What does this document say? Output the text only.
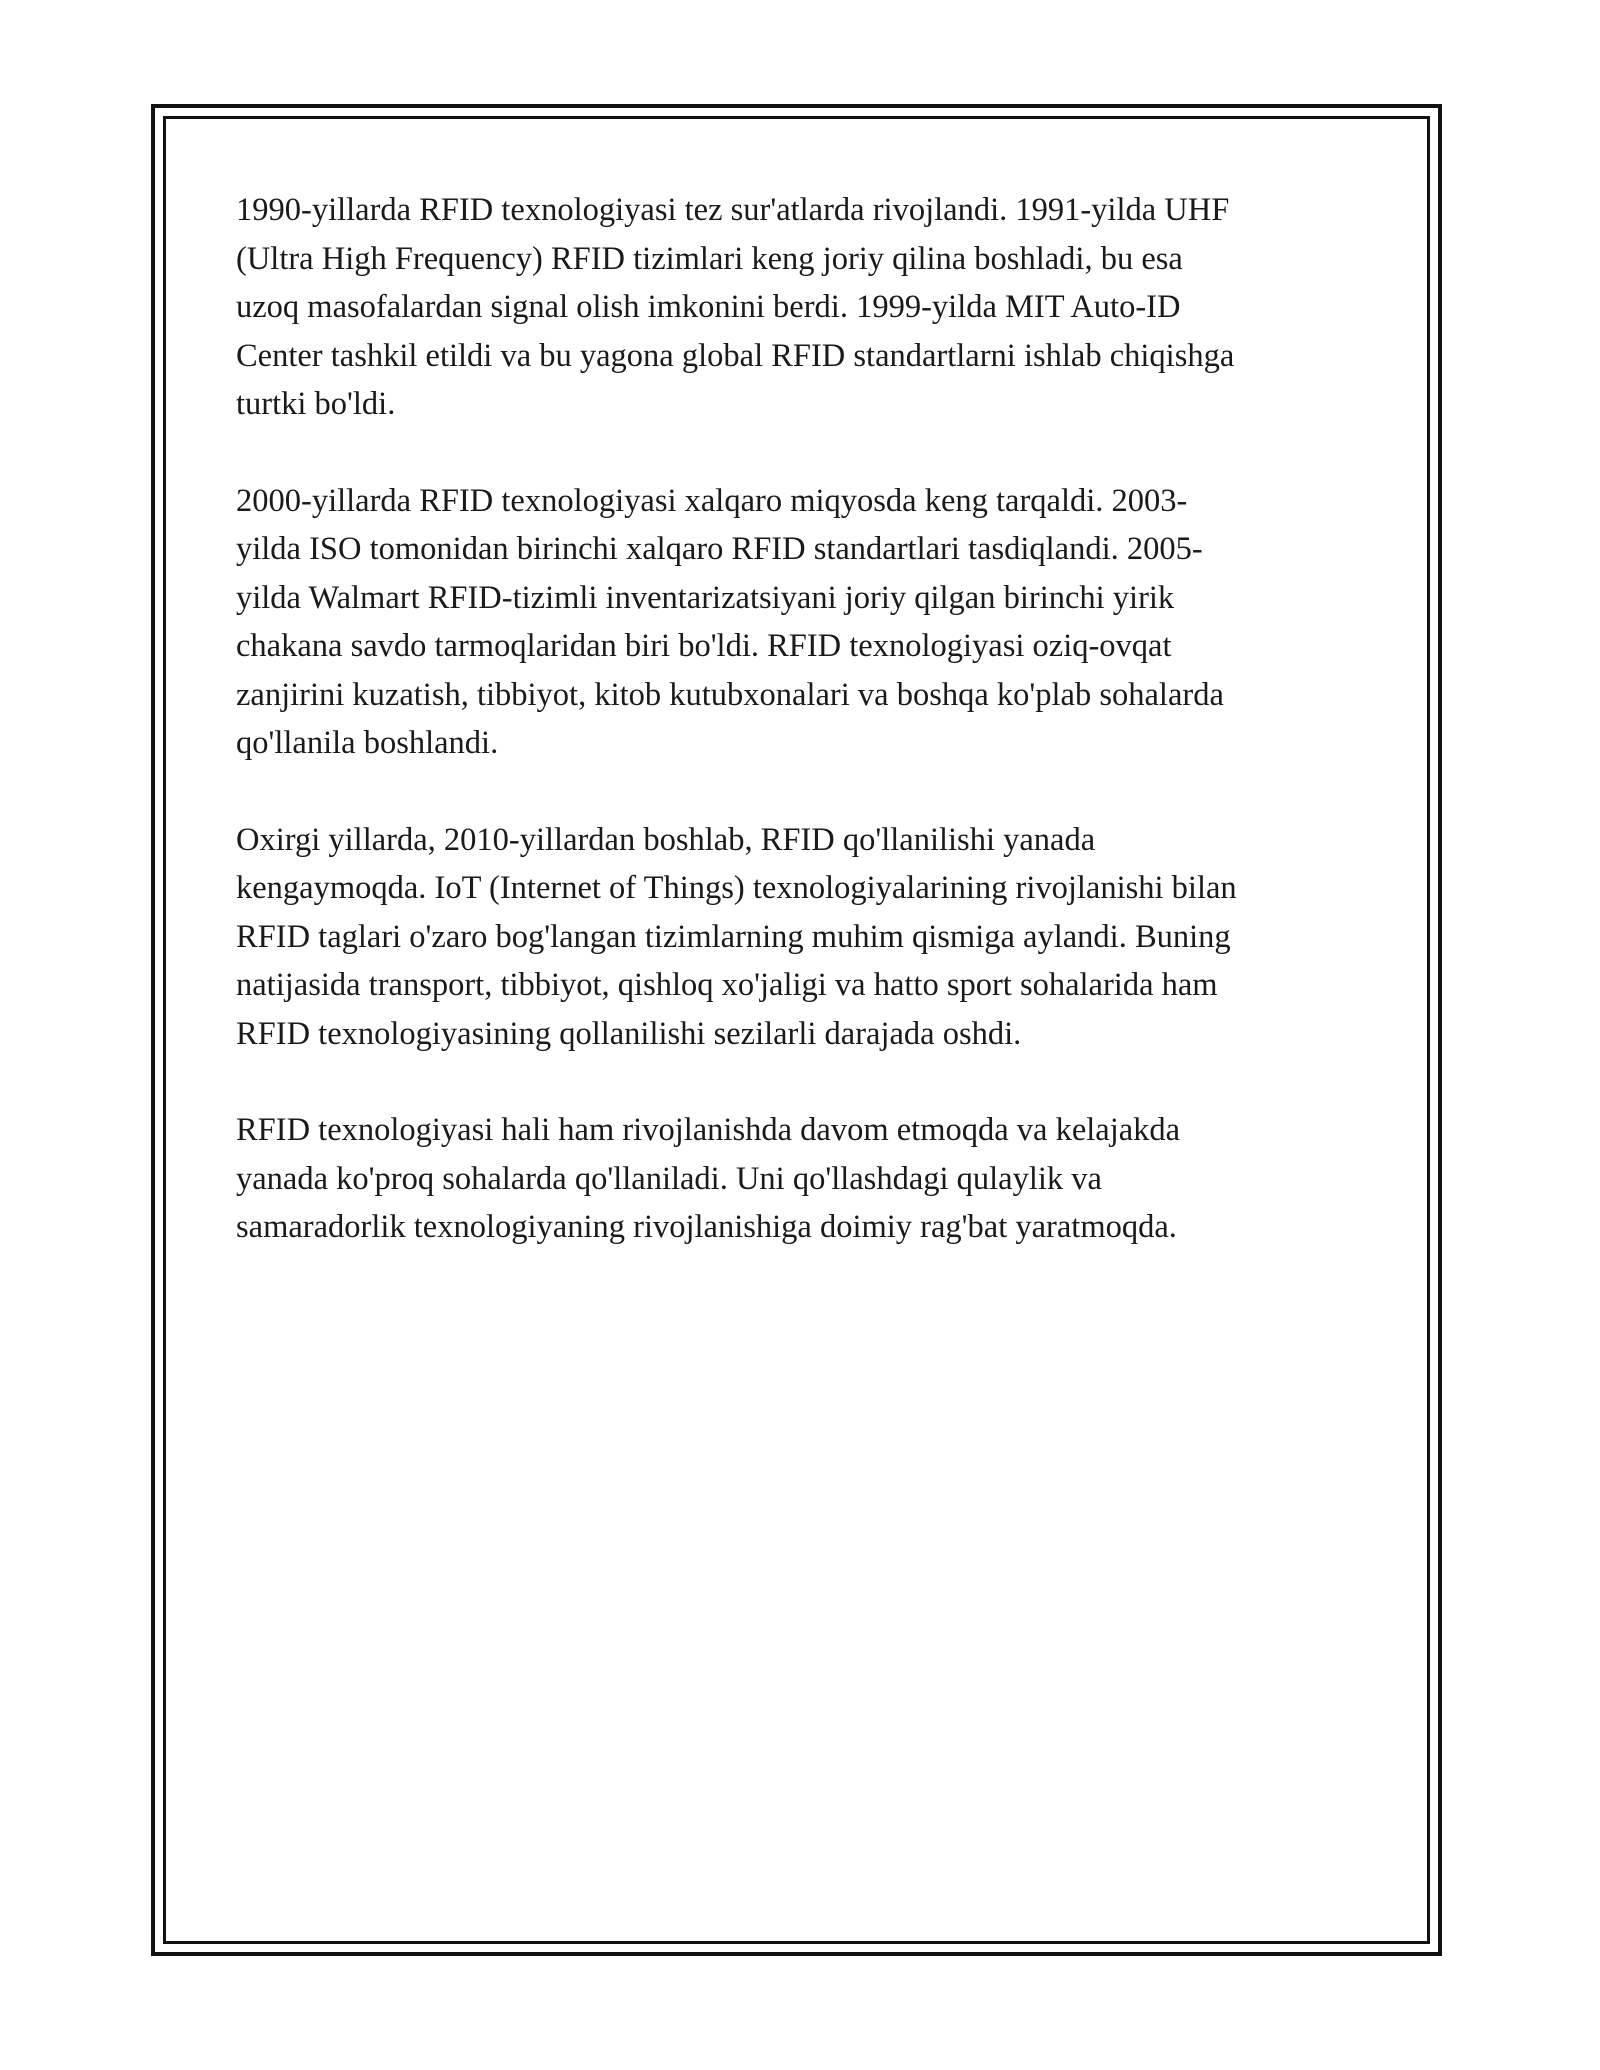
1990-yillarda RFID texnologiyasi tez sur'atlarda rivojlandi. 1991-yilda UHF
(Ultra High Frequency) RFID tizimlari keng joriy qilina boshladi, bu esa
uzoq masofalardan signal olish imkonini berdi. 1999-yilda MIT Auto-ID
Center tashkil etildi va bu yagona global RFID standartlarni ishlab chiqishga
turtki bo'ldi.

2000-yillarda RFID texnologiyasi xalqaro miqyosda keng tarqaldi. 2003-
yilda ISO tomonidan birinchi xalqaro RFID standartlari tasdiqlandi. 2005-
yilda Walmart RFID-tizimli inventarizatsiyani joriy qilgan birinchi yirik
chakana savdo tarmoqlaridan biri bo'ldi. RFID texnologiyasi oziq-ovqat
zanjirini kuzatish, tibbiyot, kitob kutubxonalari va boshqa ko'plab sohalarda
qo'llanila boshlandi.

Oxirgi yillarda, 2010-yillardan boshlab, RFID qo'llanilishi yanada
kengaymoqda. IoT (Internet of Things) texnologiyalarining rivojlanishi bilan
RFID taglari o'zaro bog'langan tizimlarning muhim qismiga aylandi. Buning
natijasida transport, tibbiyot, qishloq xo'jaligi va hatto sport sohalarida ham
RFID texnologiyasining qollanilishi sezilarli darajada oshdi.

RFID texnologiyasi hali ham rivojlanishda davom etmoqda va kelajakda
yanada ko'proq sohalarda qo'llaniladi. Uni qo'llashdagi qulaylik va
samaradorlik texnologiyaning rivojlanishiga doimiy rag'bat yaratmoqda.
